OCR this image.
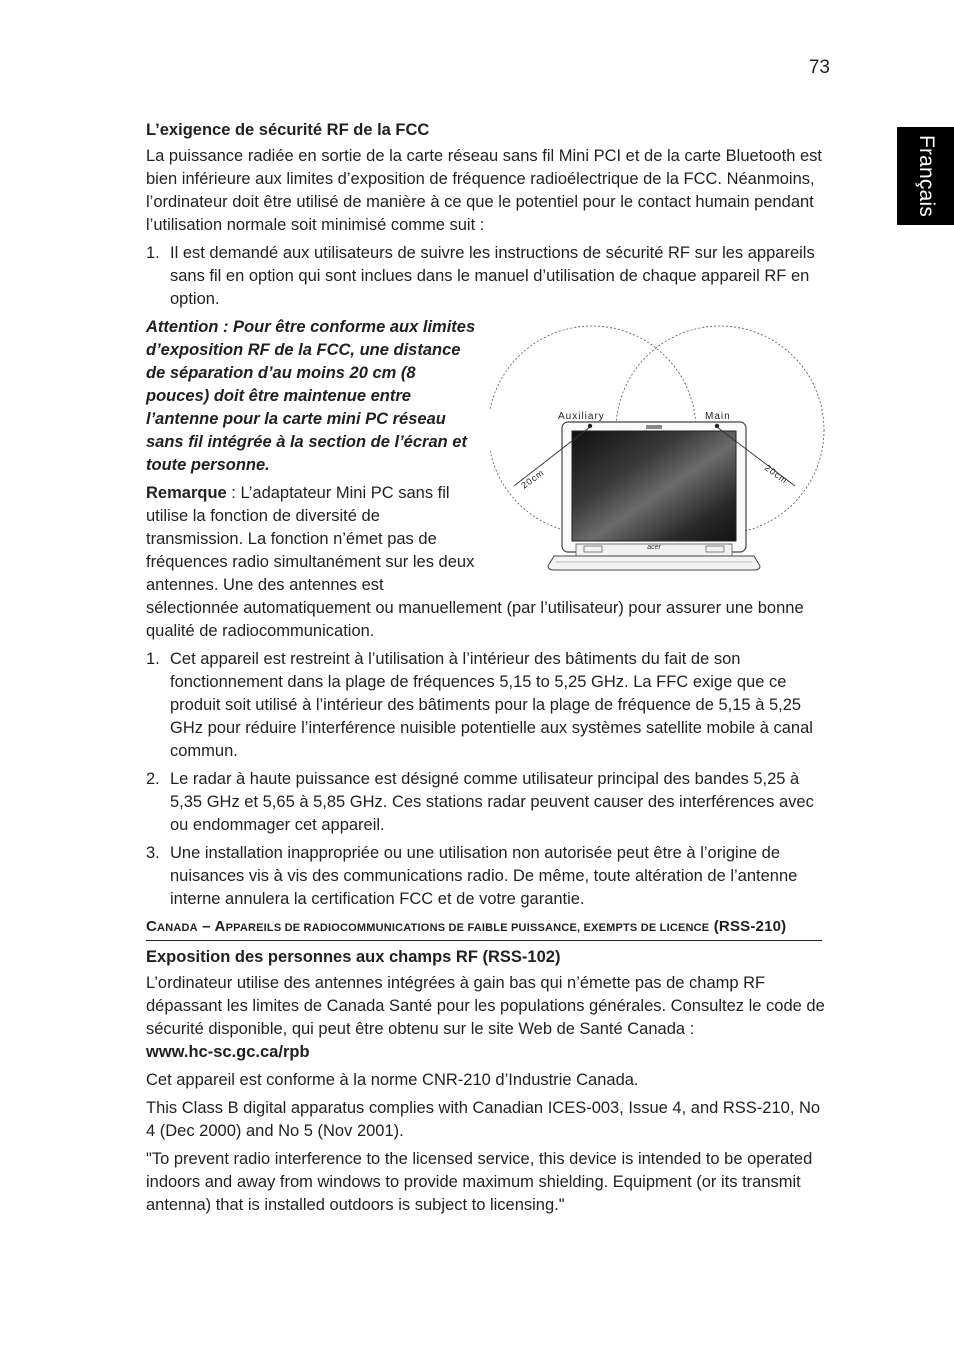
73
Français

L’exigence de sécurité RF de la FCC

La puissance radiée en sortie de la carte réseau sans fil Mini PCI et de la carte Bluetooth est bien inférieure aux limites d’exposition de fréquence radioélectrique de la FCC. Néanmoins, l’ordinateur doit être utilisé de manière à ce que le potentiel pour le contact humain pendant l’utilisation normale soit minimisé comme suit :

1. Il est demandé aux utilisateurs de suivre les instructions de sécurité RF sur les appareils sans fil en option qui sont inclues dans le manuel d’utilisation de chaque appareil RF en option.
acer
Auxiliary	Main
20cm	20cm

Attention : Pour être conforme aux limites d’exposition RF de la FCC, une distance de séparation d’au moins 20 cm (8 pouces) doit être maintenue entre l’antenne pour la carte mini PC réseau sans fil intégrée à la section de l’écran et toute personne.

Remarque : L’adaptateur Mini PC sans fil utilise la fonction de diversité de transmission. La fonction n’émet pas de fréquences radio simultanément sur les deux antennes. Une des antennes est sélectionnée automatiquement ou manuellement (par l’utilisateur) pour assurer une bonne qualité de radiocommunication.

1. Cet appareil est restreint à l’utilisation à l’intérieur des bâtiments du fait de son fonctionnement dans la plage de fréquences 5,15 to 5,25 GHz. La FFC exige que ce produit soit utilisé à l’intérieur des bâtiments pour la plage de fréquence de 5,15 à 5,25 GHz pour réduire l’interférence nuisible potentielle aux systèmes satellite mobile à canal commun.
2. Le radar à haute puissance est désigné comme utilisateur principal des bandes 5,25 à 5,35 GHz et 5,65 à 5,85 GHz. Ces stations radar peuvent causer des interférences avec ou endommager cet appareil.
3. Une installation inappropriée ou une utilisation non autorisée peut être à l’origine de nuisances vis à vis des communications radio. De même, toute altération de l’antenne interne annulera la certification FCC et de votre garantie.
CANADA – APPAREILS DE RADIOCOMMUNICATIONS DE FAIBLE PUISSANCE, EXEMPTS DE LICENCE (RSS-210)

Exposition des personnes aux champs RF (RSS-102)

L’ordinateur utilise des antennes intégrées à gain bas qui n’émette pas de champ RF dépassant les limites de Canada Santé pour les populations générales. Consultez le code de sécurité disponible, qui peut être obtenu sur le site Web de Santé Canada :

www.hc-sc.gc.ca/rpb

Cet appareil est conforme à la norme CNR-210 d’Industrie Canada.

This Class B digital apparatus complies with Canadian ICES-003, Issue 4, and RSS-210, No 4 (Dec 2000) and No 5 (Nov 2001).

"To prevent radio interference to the licensed service, this device is intended to be operated indoors and away from windows to provide maximum shielding. Equipment (or its transmit antenna) that is installed outdoors is subject to licensing."
